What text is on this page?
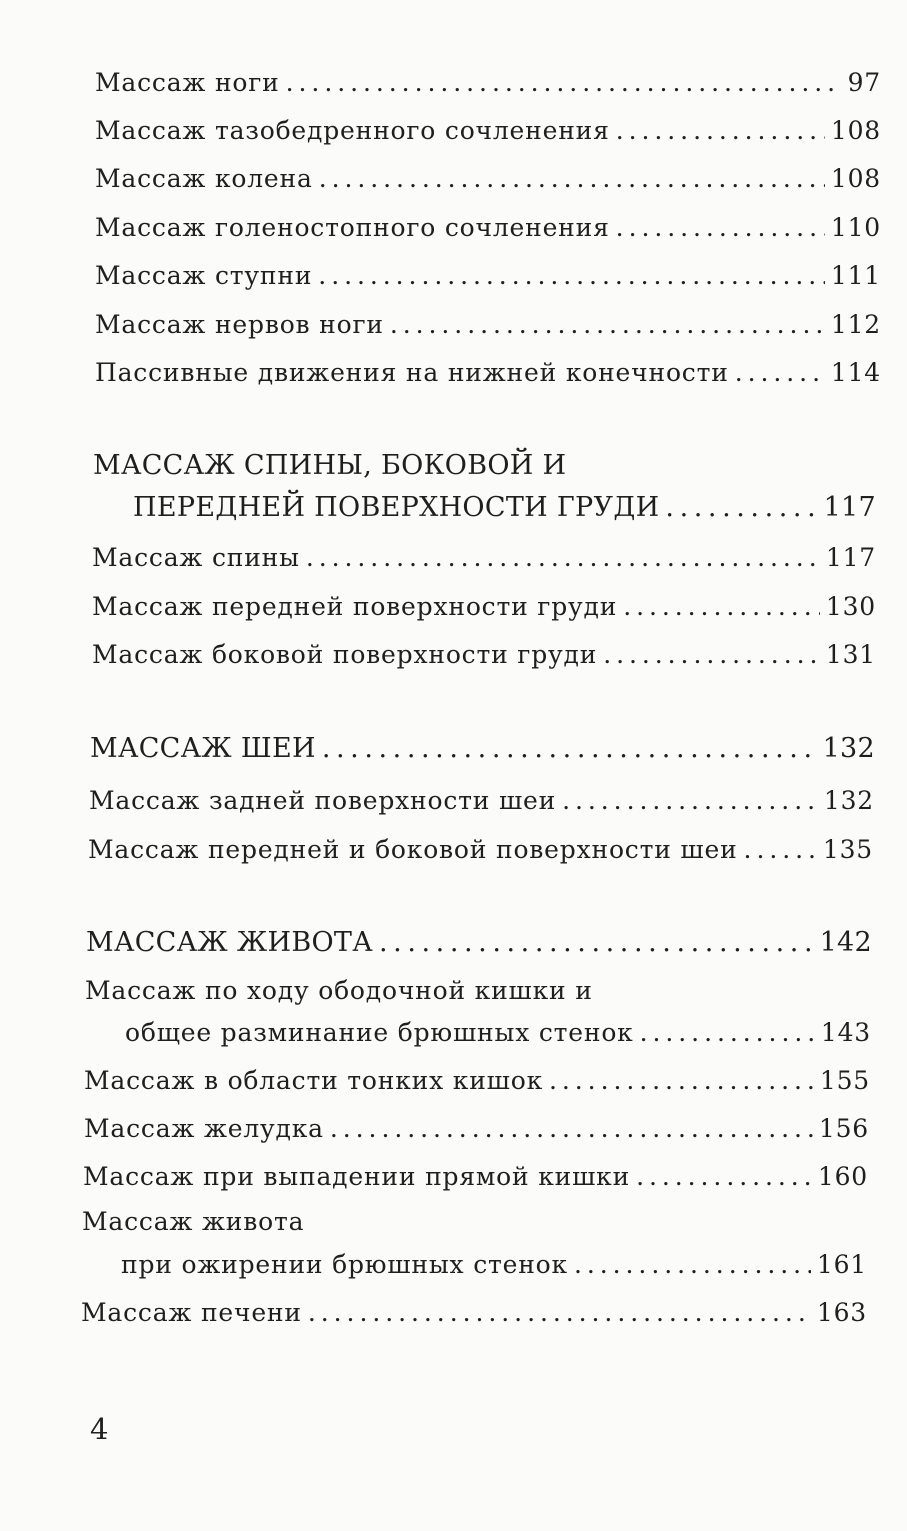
Массаж ноги . . .	97
Массаж тазобедренного сочленения . . .	108
Массаж колена . . .	108
Массаж голеностопного сочленения . . .	110
Массаж ступни . . .	111
Массаж нервов ноги . . .	112
Пассивные движения на нижней конечности . . .	114
МАССАЖ СПИНЫ, БОКОВОЙ И
ПЕРЕДНЕЙ ПОВЕРХНОСТИ ГРУДИ . . .	117
Массаж спины . . .	117
Массаж передней поверхности груди . . .	130
Массаж боковой поверхности груди . . .	131
МАССАЖ ШЕИ . . .	132
Массаж задней поверхности шеи . . .	132
Массаж передней и боковой поверхности шеи . . .	135
МАССАЖ ЖИВОТА . . .	142
Массаж по ходу ободочной кишки и
общее разминание брюшных стенок . . .	143
Массаж в области тонких кишок . . .	155
Массаж желудка . . .	156
Массаж при выпадении прямой кишки . . .	160
Массаж живота
при ожирении брюшных стенок . . .	161
Массаж печени . . .	163
4
